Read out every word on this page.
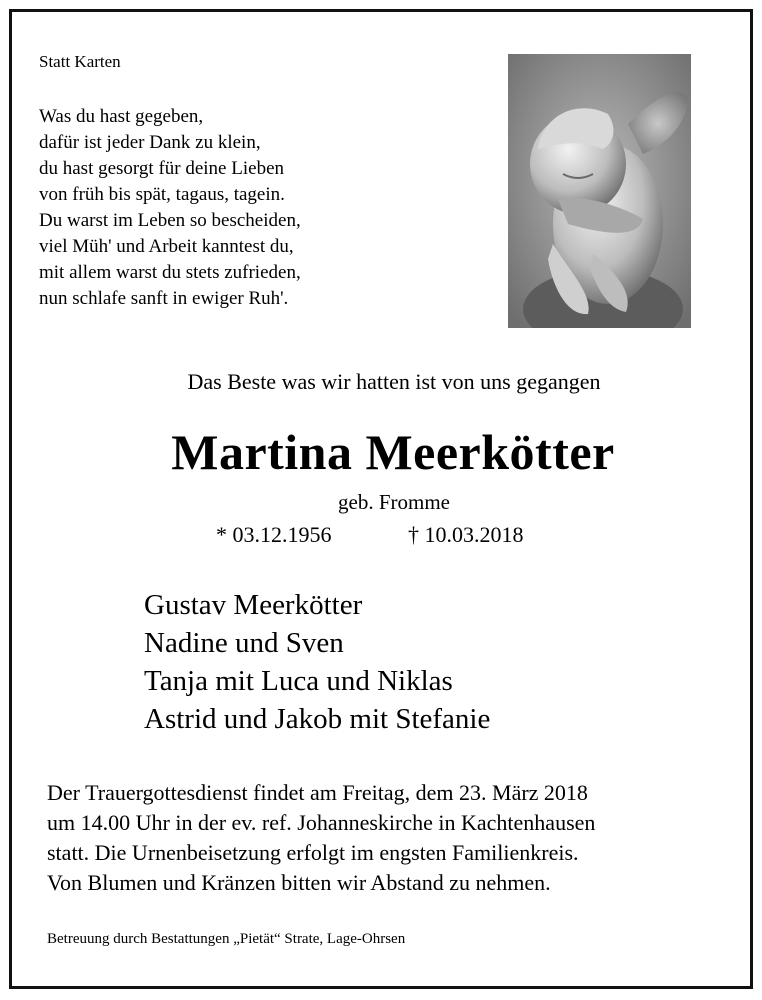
Statt Karten
Was du hast gegeben,
dafür ist jeder Dank zu klein,
du hast gesorgt für deine Lieben
von früh bis spät, tagaus, tagein.
Du warst im Leben so bescheiden,
viel Müh' und Arbeit kanntest du,
mit allem warst du stets zufrieden,
nun schlafe sanft in ewiger Ruh'.
Das Beste was wir hatten ist von uns gegangen
Martina Meerkötter
geb. Fromme
* 03.12.1956	† 10.03.2018
Gustav Meerkötter
Nadine und Sven
Tanja mit Luca und Niklas
Astrid und Jakob mit Stefanie
Der Trauergottesdienst findet am Freitag, dem 23. März 2018
um 14.00 Uhr in der ev. ref. Johanneskirche in Kachtenhausen
statt. Die Urnenbeisetzung erfolgt im engsten Familienkreis.
Von Blumen und Kränzen bitten wir Abstand zu nehmen.
Betreuung durch Bestattungen „Pietät“ Strate, Lage-Ohrsen
